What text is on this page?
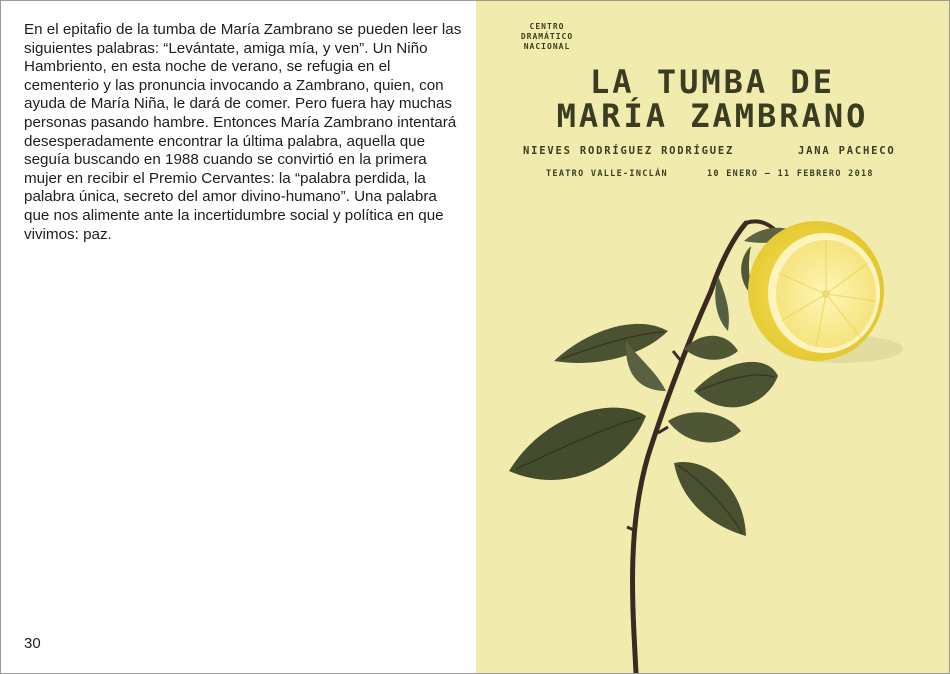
En el epitafio de la tumba de María Zambrano se pueden leer las siguientes palabras: “Levántate, amiga mía, y ven”. Un Niño Hambriento, en esta noche de verano, se refugia en el cementerio y las pronuncia invocando a Zambrano, quien, con ayuda de María Niña, le dará de comer. Pero fuera hay muchas personas pasando hambre. Entonces María Zambrano intentará desesperadamente encontrar la última palabra, aquella que seguía buscando en 1988 cuando se convirtió en la primera mujer en recibir el Premio Cervantes: la “palabra perdida, la palabra única, secreto del amor divino-humano”. Una palabra que nos alimente ante la incertidumbre social y política en que vivimos: paz.

30
CENTRO
DRAMÁTICO
NACIONAL
LA TUMBA DE
MARÍA ZAMBRANO
NIEVES RODRÍGUEZ RODRÍGUEZ	JANA PACHECO
TEATRO VALLE-INCLÁN	10 ENERO – 11 FEBRERO 2018
